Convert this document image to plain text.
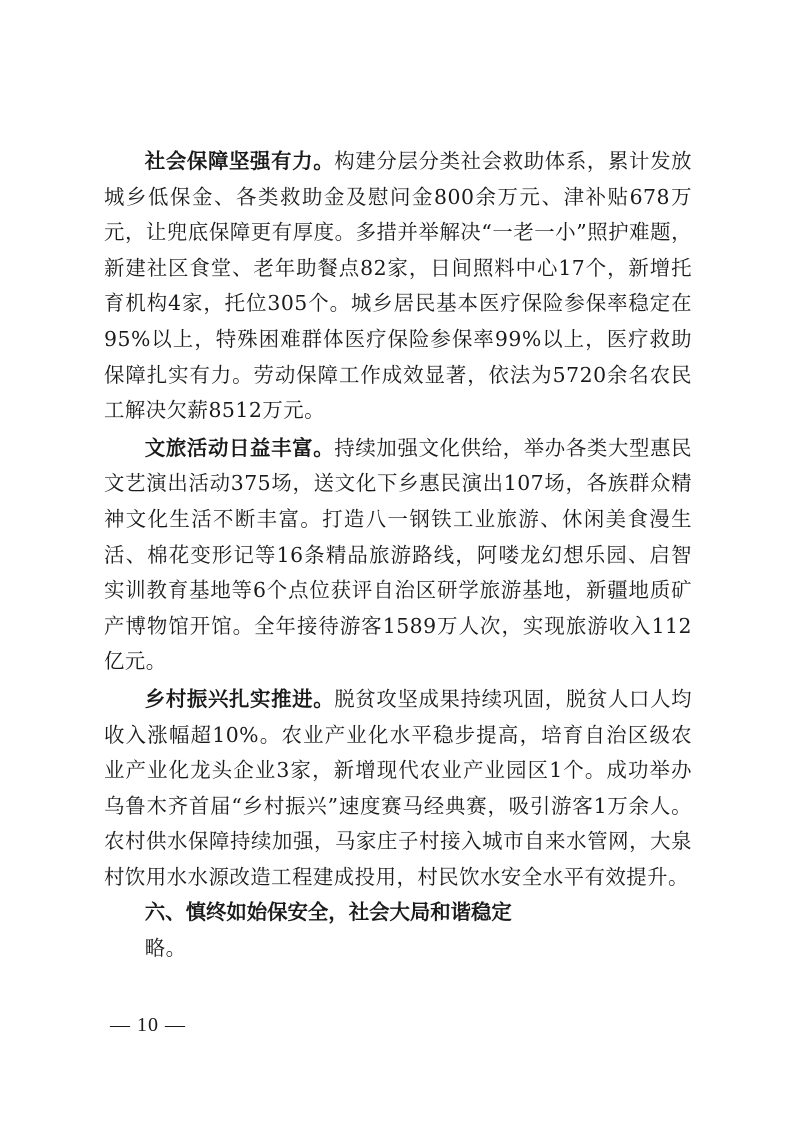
社会保障坚强有力。构建分层分类社会救助体系，累计发放城乡低保金、各类救助金及慰问金800余万元、津补贴678万元，让兜底保障更有厚度。多措并举解决“一老一小”照护难题，新建社区食堂、老年助餐点82家，日间照料中心17个，新增托育机构4家，托位305个。城乡居民基本医疗保险参保率稳定在95%以上，特殊困难群体医疗保险参保率99%以上，医疗救助保障扎实有力。劳动保障工作成效显著，依法为5720余名农民工解决欠薪8512万元。

文旅活动日益丰富。持续加强文化供给，举办各类大型惠民文艺演出活动375场，送文化下乡惠民演出107场，各族群众精神文化生活不断丰富。打造八一钢铁工业旅游、休闲美食漫生活、棉花变形记等16条精品旅游路线，阿喽龙幻想乐园、启智实训教育基地等6个点位获评自治区研学旅游基地，新疆地质矿产博物馆开馆。全年接待游客1589万人次，实现旅游收入112亿元。

乡村振兴扎实推进。脱贫攻坚成果持续巩固，脱贫人口人均收入涨幅超10%。农业产业化水平稳步提高，培育自治区级农业产业化龙头企业3家，新增现代农业产业园区1个。成功举办乌鲁木齐首届“乡村振兴”速度赛马经典赛，吸引游客1万余人。农村供水保障持续加强，马家庄子村接入城市自来水管网，大泉村饮用水水源改造工程建成投用，村民饮水安全水平有效提升。

六、慎终如始保安全，社会大局和谐稳定

略。

— 10 —
